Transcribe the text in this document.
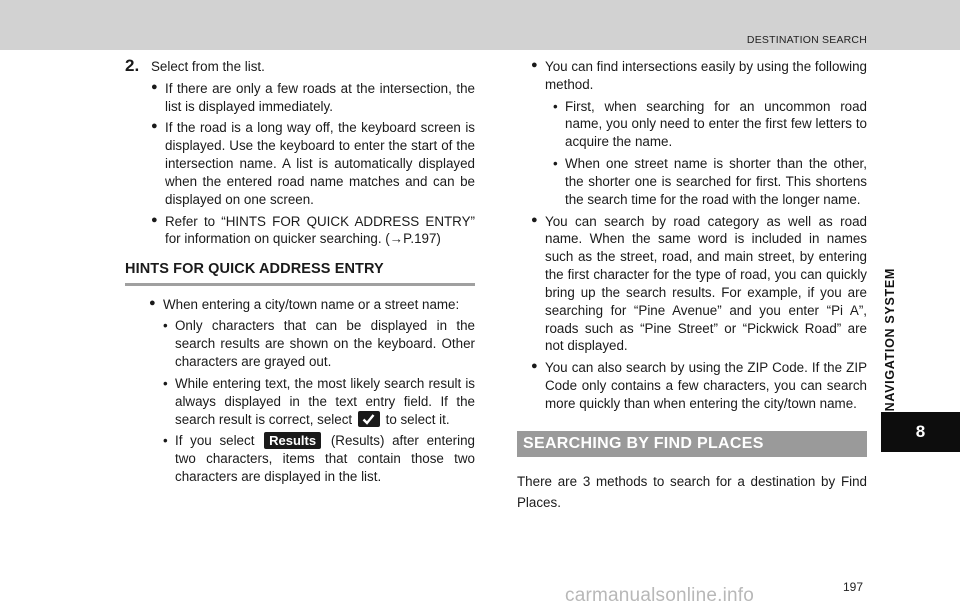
DESTINATION SEARCH
NAVIGATION SYSTEM
8
2. Select from the list.

● If there are only a few roads at the intersection, the list is displayed immediately.
● If the road is a long way off, the keyboard screen is displayed. Use the keyboard to enter the start of the intersection name. A list is automatically displayed when the entered road name matches and can be displayed on one screen.
● Refer to “HINTS FOR QUICK ADDRESS ENTRY” for information on quicker searching. (→P.197)
HINTS FOR QUICK ADDRESS ENTRY
● When entering a city/town name or a street name:
• Only characters that can be displayed in the search results are shown on the keyboard. Other characters are grayed out.
• While entering text, the most likely search result is always displayed in the text entry field. If the search result is correct, select to select it.
• If you select Results (Results) after entering two characters, items that contain those two characters are displayed in the list.
● You can find intersections easily by using the following method.
• First, when searching for an uncommon road name, you only need to enter the first few letters to acquire the name.
• When one street name is shorter than the other, the shorter one is searched for first. This shortens the search time for the road with the longer name.
● You can search by road category as well as road name. When the same word is included in names such as the street, road, and main street, by entering the first character for the type of road, you can quickly bring up the search results. For example, if you are searching for “Pine Avenue” and you enter “Pi A”, roads such as “Pine Street” or “Pickwick Road” are not displayed.
● You can also search by using the ZIP Code. If the ZIP Code only contains a few characters, you can search more quickly than when entering the city/town name.
SEARCHING BY FIND PLACES

There are 3 methods to search for a destination by Find Places.

197
carmanualsonline.info
